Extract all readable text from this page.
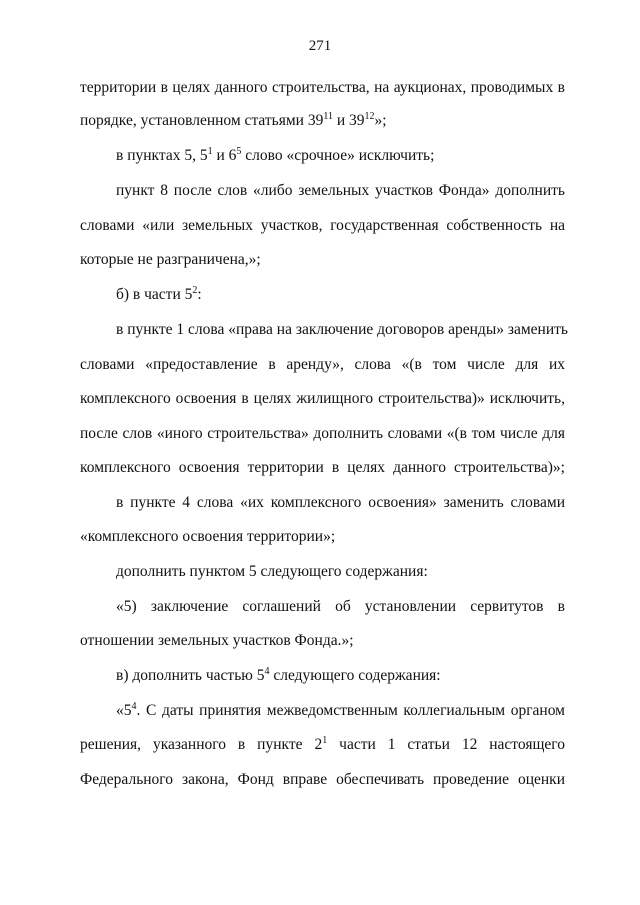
271
территории в целях данного строительства, на аукционах, проводимых в
порядке, установленном статьями $39^{11}$ и $39^{12}$»;
в пунктах 5, $5^1$ и $6^5$ слово «срочное» исключить;
пункт 8 после слов «либо земельных участков Фонда» дополнить
словами «или земельных участков, государственная собственность на
которые не разграничена,»;
б) в части $5^2$:
в пункте 1 слова «права на заключение договоров аренды» заменить
словами «предоставление в аренду», слова «(в том числе для их
комплексного освоения в целях жилищного строительства)» исключить,
после слов «иного строительства» дополнить словами «(в том числе для
комплексного освоения территории в целях данного строительства)»;
в пункте 4 слова «их комплексного освоения» заменить словами
«комплексного освоения территории»;
дополнить пунктом 5 следующего содержания:
«5) заключение соглашений об установлении сервитутов в
отношении земельных участков Фонда.»;
в) дополнить частью $5^4$ следующего содержания:
«$5^4$. С даты принятия межведомственным коллегиальным органом
решения, указанного в пункте $2^1$ части 1 статьи 12 настоящего
Федерального закона, Фонд вправе обеспечивать проведение оценки
